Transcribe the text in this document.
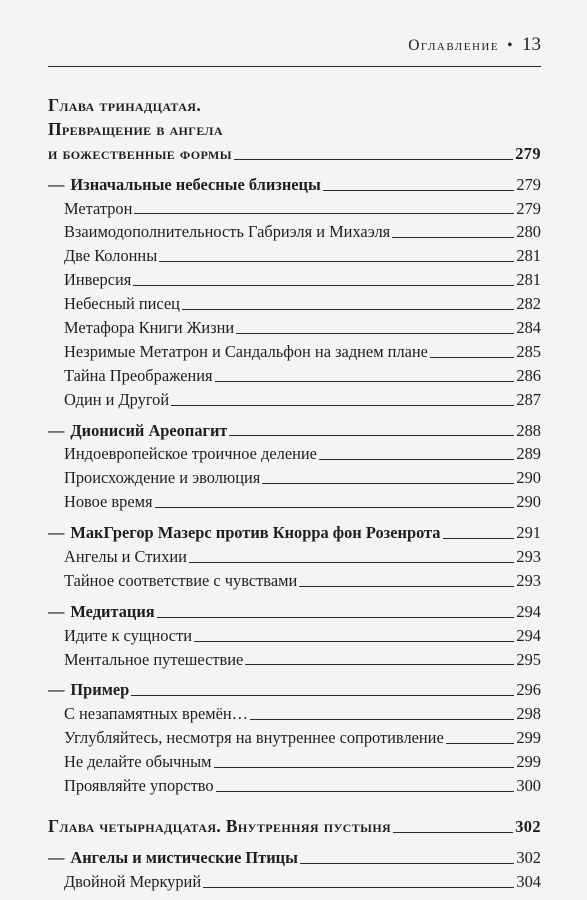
Оглавление • 13
Глава тринадцатая.
Превращение в ангела
и божественные формы	279
— Изначальные небесные близнецы	279
Метатрон	279
Взаимодополнительность Габриэля и Михаэля	280
Две Колонны	281
Инверсия	281
Небесный писец	282
Метафора Книги Жизни	284
Незримые Метатрон и Сандальфон на заднем плане	285
Тайна Преображения	286
Один и Другой	287
— Дионисий Ареопагит	288
Индоевропейское троичное деление	289
Происхождение и эволюция	290
Новое время	290
— МакГрегор Мазерс против Кнорра фон Розенрота	291
Ангелы и Стихии	293
Тайное соответствие с чувствами	293
— Медитация	294
Идите к сущности	294
Ментальное путешествие	295
— Пример	296
С незапамятных времён…	298
Углубляйтесь, несмотря на внутреннее сопротивление	299
Не делайте обычным	299
Проявляйте упорство	300
Глава четырнадцатая. Внутренняя пустыня	302
— Ангелы и мистические Птицы	302
Двойной Меркурий	304
